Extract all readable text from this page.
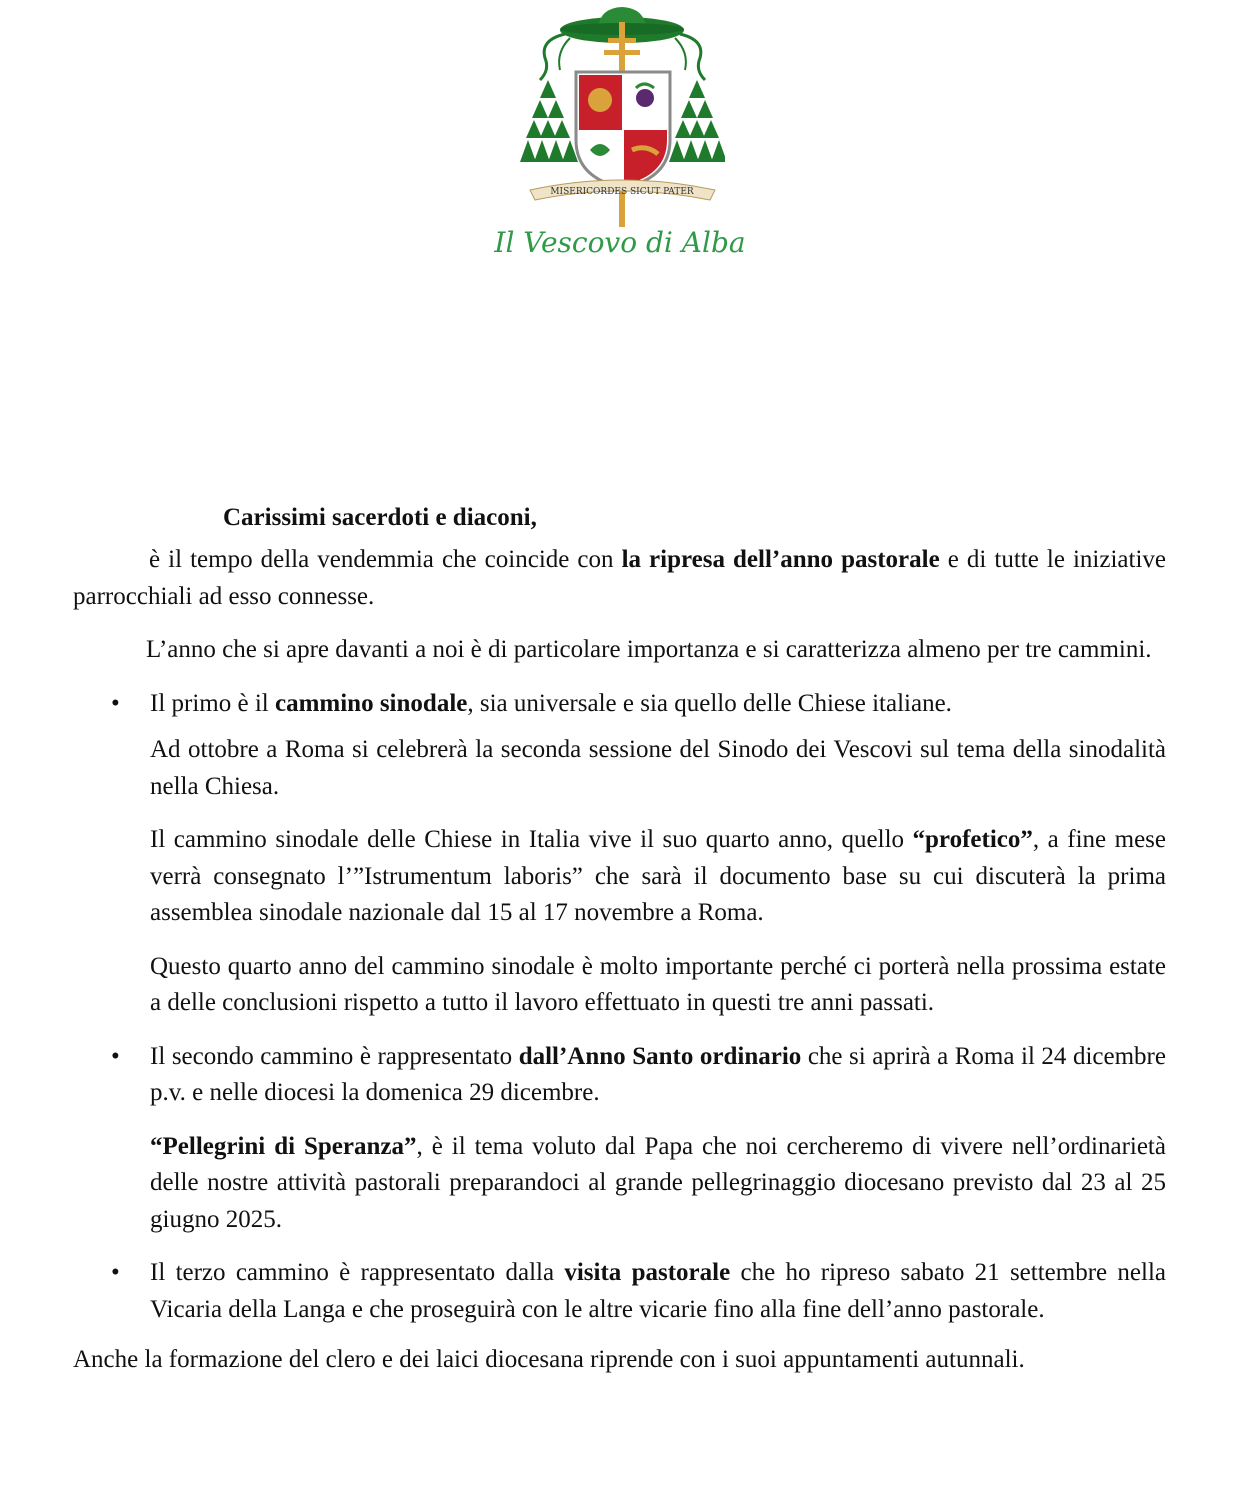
MISERICORDES SICUT PATER
Il Vescovo di Alba

Carissimi sacerdoti e diaconi,

è il tempo della vendemmia che coincide con la ripresa dell’anno pastorale e di tutte le iniziative parrocchiali ad esso connesse.

L’anno che si apre davanti a noi è di particolare importanza e si caratterizza almeno per tre cammini.

• Il primo è il cammino sinodale, sia universale e sia quello delle Chiese italiane.

Ad ottobre a Roma si celebrerà la seconda sessione del Sinodo dei Vescovi sul tema della sinodalità nella Chiesa.

Il cammino sinodale delle Chiese in Italia vive il suo quarto anno, quello “profetico”, a fine mese verrà consegnato l’”Istrumentum laboris” che sarà il documento base su cui discuterà la prima assemblea sinodale nazionale dal 15 al 17 novembre a Roma.

Questo quarto anno del cammino sinodale è molto importante perché ci porterà nella prossima estate a delle conclusioni rispetto a tutto il lavoro effettuato in questi tre anni passati.

• Il secondo cammino è rappresentato dall’Anno Santo ordinario che si aprirà a Roma il 24 dicembre p.v. e nelle diocesi la domenica 29 dicembre.

“Pellegrini di Speranza”, è il tema voluto dal Papa che noi cercheremo di vivere nell’ordinarietà delle nostre attività pastorali preparandoci al grande pellegrinaggio diocesano previsto dal 23 al 25 giugno 2025.

• Il terzo cammino è rappresentato dalla visita pastorale che ho ripreso sabato 21 settembre nella Vicaria della Langa e che proseguirà con le altre vicarie fino alla fine dell’anno pastorale.

Anche la formazione del clero e dei laici diocesana riprende con i suoi appuntamenti autunnali.
